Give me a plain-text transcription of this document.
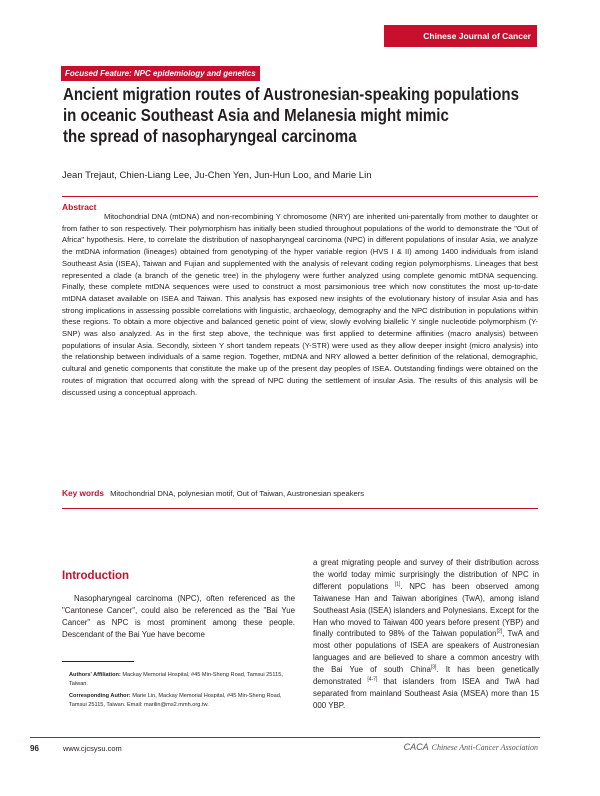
Chinese Journal of Cancer
Focused Feature: NPC epidemiology and genetics
Ancient migration routes of Austronesian-speaking populations
in oceanic Southeast Asia and Melanesia might mimic
the spread of nasopharyngeal carcinoma
Jean Trejaut, Chien-Liang Lee, Ju-Chen Yen, Jun-Hun Loo, and Marie Lin
Abstract

Mitochondrial DNA (mtDNA) and non-recombining Y chromosome (NRY) are inherited uni-parentally from mother to daughter or from father to son respectively. Their polymorphism has initially been studied throughout populations of the world to demonstrate the "Out of Africa" hypothesis. Here, to correlate the distribution of nasopharyngeal carcinoma (NPC) in different populations of insular Asia, we analyze the mtDNA information (lineages) obtained from genotyping of the hyper variable region (HVS I & II) among 1400 individuals from island Southeast Asia (ISEA), Taiwan and Fujian and supplemented with the analysis of relevant coding region polymorphisms. Lineages that best represented a clade (a branch of the genetic tree) in the phylogeny were further analyzed using complete genomic mtDNA sequencing. Finally, these complete mtDNA sequences were used to construct a most parsimonious tree which now constitutes the most up-to-date mtDNA dataset available on ISEA and Taiwan. This analysis has exposed new insights of the evolutionary history of insular Asia and has strong implications in assessing possible correlations with linguistic, archaeology, demography and the NPC distribution in populations within these regions. To obtain a more objective and balanced genetic point of view, slowly evolving biallelic Y single nucleotide polymorphism (Y-SNP) was also analyzed. As in the first step above, the technique was first applied to determine affinities (macro analysis) between populations of insular Asia. Secondly, sixteen Y short tandem repeats (Y-STR) were used as they allow deeper insight (micro analysis) into the relationship between individuals of a same region. Together, mtDNA and NRY allowed a better definition of the relational, demographic, cultural and genetic components that constitute the make up of the present day peoples of ISEA. Outstanding findings were obtained on the routes of migration that occurred along with the spread of NPC during the settlement of insular Asia. The results of this analysis will be discussed using a conceptual approach.

Key words Mitochondrial DNA, polynesian motif, Out of Taiwan, Austronesian speakers
Introduction

Nasopharyngeal carcinoma (NPC), often referenced as the "Cantonese Cancer", could also be referenced as the "Bai Yue Cancer" as NPC is most prominent among these people. Descendant of the Bai Yue have become

a great migrating people and survey of their distribution across the world today mimic surprisingly the distribution of NPC in different populations [1]. NPC has been observed among Taiwanese Han and Taiwan aborigines (TwA), among island Southeast Asia (ISEA) islanders and Polynesians. Except for the Han who moved to Taiwan 400 years before present (YBP) and finally contributed to 98% of the Taiwan population[2], TwA and most other populations of ISEA are speakers of Austronesian languages and are believed to share a common ancestry with the Bai Yue of south China[3]. It has been genetically demonstrated [4-7] that islanders from ISEA and TwA had separated from mainland Southeast Asia (MSEA) more than 15 000 YBP.

Authors' Affiliation: Mackay Memorial Hospital, #45 Min-Sheng Road, Tamsui 25115, Taiwan.

Corresponding Author: Marie Lin, Mackay Memorial Hospital, #45 Min-Sheng Road, Tamsui 25115, Taiwan. Email: marilin@ms2.mmh.org.tw.

96	www.cjcsysu.com	CACA Chinese Anti-Cancer Association
